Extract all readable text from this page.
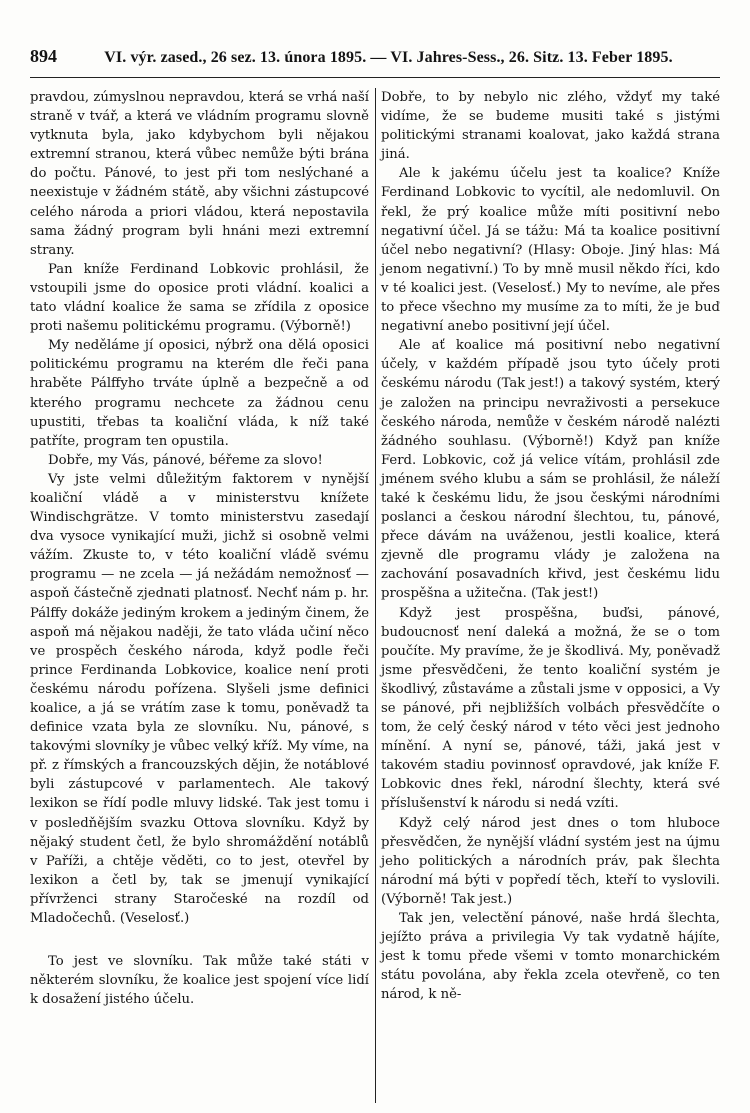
894	VI. výr. zased., 26 sez. 13. února 1895. — VI. Jahres-Sess., 26. Sitz. 13. Feber 1895.

pravdou, zúmyslnou nepravdou, která se vrhá naší straně v tvář, a která ve vládním programu slovně vytknuta byla, jako kdybychom byli nějakou extremní stranou, která vůbec nemůže býti brána do počtu. Pánové, to jest při tom neslýchané a neexistuje v žádném státě, aby všichni zástupcové celého národa a priori vládou, která nepostavila sama žádný program byli hnáni mezi extremní strany.

Pan kníže Ferdinand Lobkovic prohlásil, že vstoupili jsme do oposice proti vládní. koalici a tato vládní koalice že sama se zřídila z oposice proti našemu politickému programu. (Výborně!)

My neděláme jí oposici, nýbrž ona dělá oposici politickému programu na kterém dle řeči pana hraběte Pálffyho trváte úplně a bezpečně a od kterého programu nechcete za žádnou cenu upustiti, třebas ta koaliční vláda, k níž také patříte, program ten opustila.

Dobře, my Vás, pánové, béřeme za slovo!

Vy jste velmi důležitým faktorem v nynější koaliční vládě a v ministerstvu knížete Windischgrätze. V tomto ministerstvu zasedají dva vysoce vynikající muži, jichž si osobně velmi vážím. Zkuste to, v této koaliční vládě svému programu — ne zcela — já nežádám nemožnosť — aspoň částečně zjednati platnosť. Nechť nám p. hr. Pálffy dokáže jediným krokem a jediným činem, že aspoň má nějakou naději, že tato vláda učiní něco ve prospěch českého národa, když podle řeči prince Ferdinanda Lobkovice, koalice není proti českému národu pořízena. Slyšeli jsme definici koalice, a já se vrátím zase k tomu, poněvadž ta definice vzata byla ze slovníku. Nu, pánové, s takovými slovníky je vůbec velký kříž. My víme, na př. z římských a francouzských dějin, že notáblové byli zástupcové v parlamentech. Ale takový lexikon se řídí podle mluvy lidské. Tak jest tomu i v posledňějším svazku Ottova slovníku. Když by nějaký student četl, že bylo shromáždění notáblů v Paříži, a chtěje věděti, co to jest, otevřel by lexikon a četl by, tak se jmenují vynikající přívrženci strany Staročeské na rozdíl od Mladočechů. (Veselosť.)

To jest ve slovníku. Tak může také státi v některém slovníku, že koalice jest spojení více lidí k dosažení jistého účelu.

Dobře, to by nebylo nic zlého, vždyť my také vidíme, že se budeme musiti také s jistými politickými stranami koalovat, jako každá strana jiná.

Ale k jakému účelu jest ta koalice? Kníže Ferdinand Lobkovic to vycítil, ale nedomluvil. On řekl, že prý koalice může míti positivní nebo negativní účel. Já se tážu: Má ta koalice positivní účel nebo negativní? (Hlasy: Oboje. Jiný hlas: Má jenom negativní.) To by mně musil někdo říci, kdo v té koalici jest. (Veselosť.) My to nevíme, ale přes to přece všechno my musíme za to míti, že je buď negativní anebo positivní její účel.

Ale ať koalice má positivní nebo negativní účely, v každém případě jsou tyto účely proti českému národu (Tak jest!) a takový systém, který je založen na principu nevraživosti a persekuce českého národa, nemůže v českém národě nalézti žádného souhlasu. (Výborně!) Když pan kníže Ferd. Lobkovic, což já velice vítám, prohlásil zde jménem svého klubu a sám se prohlásil, že náleží také k českému lidu, že jsou českými národními poslanci a českou národní šlechtou, tu, pánové, přece dávám na uváženou, jestli koalice, která zjevně dle programu vlády je založena na zachování posavadních křivd, jest českému lidu prospěšna a užitečna. (Tak jest!)

Když jest prospěšna, buďsi, pánové, budoucnosť není daleká a možná, že se o tom poučíte. My pravíme, že je škodlivá. My, poněvadž jsme přesvědčeni, že tento koaliční systém je škodlivý, zůstaváme a zůstali jsme v opposici, a Vy se pánové, při nejbližších volbách přesvědčíte o tom, že celý český národ v této věci jest jednoho mínění. A nyní se, pánové, táži, jaká jest v takovém stadiu povinnosť opravdové, jak kníže F. Lobkovic dnes řekl, národní šlechty, která své příslušenství k národu si nedá vzíti.

Když celý národ jest dnes o tom hluboce přesvědčen, že nynější vládní systém jest na újmu jeho politických a národních práv, pak šlechta národní má býti v popředí těch, kteří to vyslovili. (Výborně! Tak jest.)

Tak jen, velectění pánové, naše hrdá šlechta, jejížto práva a privilegia Vy tak vydatně hájíte, jest k tomu přede všemi v tomto monarchickém státu povolána, aby řekla zcela otevřeně, co ten národ, k ně-
